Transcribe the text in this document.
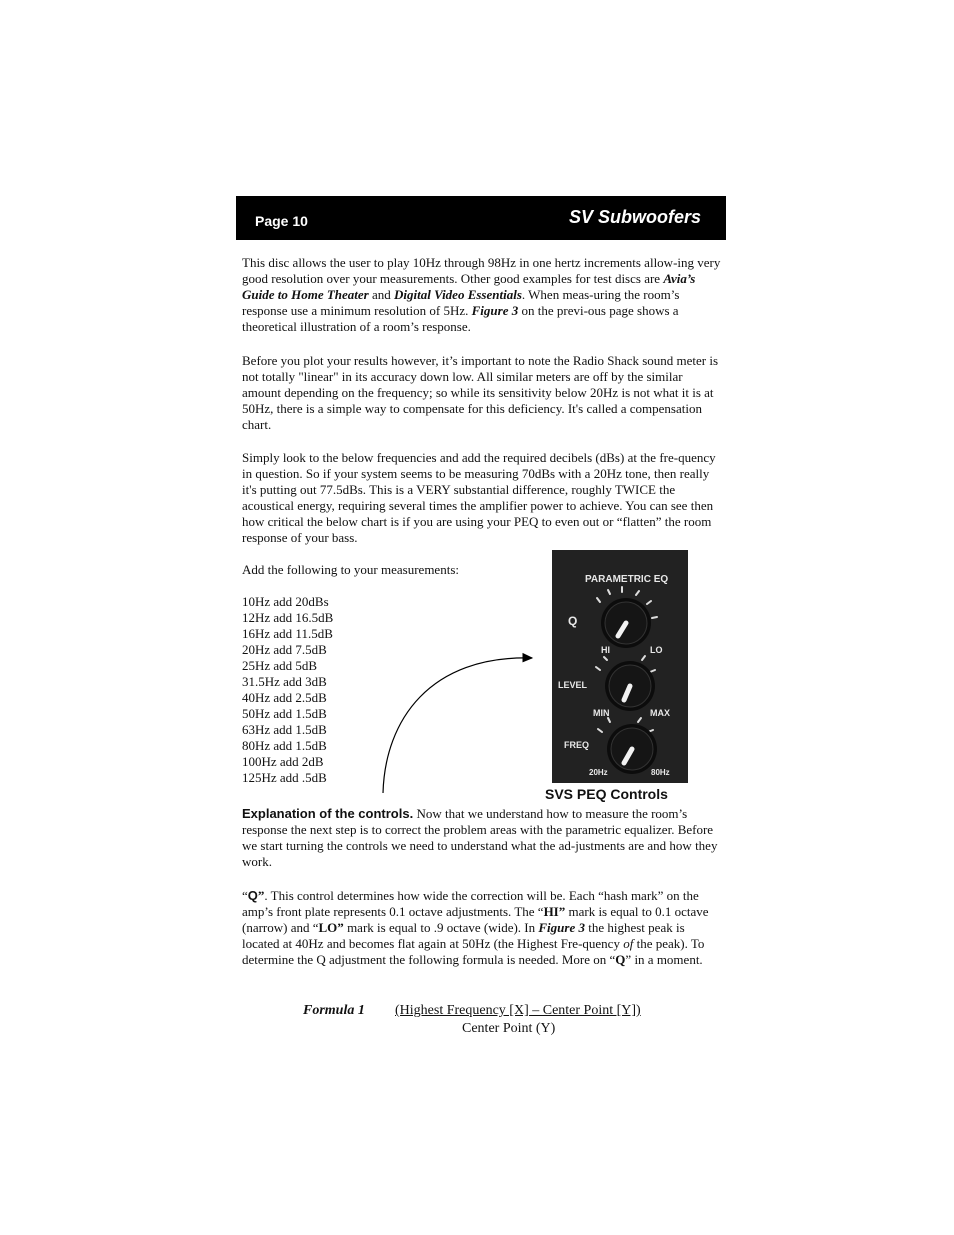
Page 10	SV Subwoofers

This disc allows the user to play 10Hz through 98Hz in one hertz increments allow-ing very good resolution over your measurements. Other good examples for test discs are Avia’s Guide to Home Theater and Digital Video Essentials. When meas-uring the room’s response use a minimum resolution of 5Hz. Figure 3 on the previ-ous page shows a theoretical illustration of a room’s response.

Before you plot your results however, it’s important to note the Radio Shack sound meter is not totally "linear" in its accuracy down low. All similar meters are off by the similar amount depending on the frequency; so while its sensitivity below 20Hz is not what it is at 50Hz, there is a simple way to compensate for this deficiency. It's called a compensation chart.

Simply look to the below frequencies and add the required decibels (dBs) at the fre-quency in question. So if your system seems to be measuring 70dBs with a 20Hz tone, then really it's putting out 77.5dBs. This is a VERY substantial difference, roughly TWICE the acoustical energy, requiring several times the amplifier power to achieve. You can see then how critical the below chart is if you are using your PEQ to even out or “flatten” the room response of your bass.

Add the following to your measurements:

10Hz add 20dBs
12Hz add 16.5dB
16Hz add 11.5dB
20Hz add 7.5dB
25Hz add 5dB
31.5Hz add 3dB
40Hz add 2.5dB
50Hz add 1.5dB
63Hz add 1.5dB
80Hz add 1.5dB
100Hz add 2dB
125Hz add .5dB
PARAMETRIC EQ
Q
HI	LO
LEVEL
MIN	MAX
FREQ
20Hz	80Hz
SVS PEQ Controls

Explanation of the controls. Now that we understand how to measure the room’s response the next step is to correct the problem areas with the parametric equalizer. Before we start turning the controls we need to understand what the ad-justments are and how they work.

“Q”. This control determines how wide the correction will be. Each “hash mark” on the amp’s front plate represents 0.1 octave adjustments. The “HI” mark is equal to 0.1 octave (narrow) and “LO” mark is equal to .9 octave (wide). In Figure 3 the highest peak is located at 40Hz and becomes flat again at 50Hz (the Highest Fre-quency of the peak). To determine the Q adjustment the following formula is needed. More on “Q” in a moment.

Formula 1 (Highest Frequency [X] – Center Point [Y])
Center Point (Y)
